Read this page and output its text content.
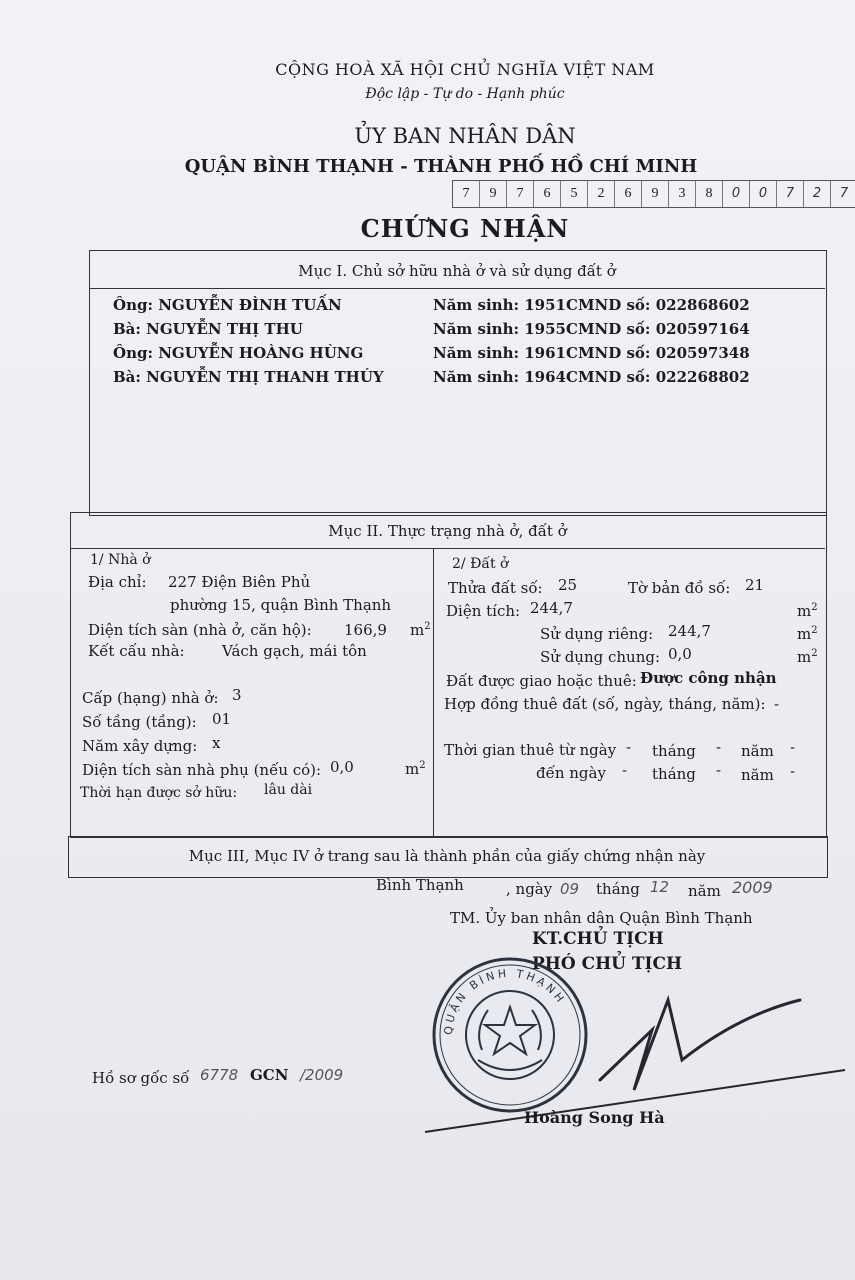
CỘNG HOÀ XÃ HỘI CHỦ NGHĨA VIỆT NAM
Độc lập - Tự do - Hạnh phúc
ỦY BAN NHÂN DÂN
QUẬN BÌNH THẠNH - THÀNH PHỐ HỒ CHÍ MINH
7	9	7	6	5	2	6	9	3	8	0	0	7	2	7
CHỨNG NHẬN
Mục I. Chủ sở hữu nhà ở và sử dụng đất ở
Ông: NGUYỄN ĐÌNH TUẤN	Năm sinh: 1951 CMND số: 022868602
Bà: NGUYỄN THỊ THU	Năm sinh: 1955 CMND số: 020597164
Ông: NGUYỄN HOÀNG HÙNG	Năm sinh: 1961 CMND số: 020597348
Bà: NGUYỄN THỊ THANH THÚY	Năm sinh: 1964 CMND số: 022268802
Mục II. Thực trạng nhà ở, đất ở
1/ Nhà ở
Địa chỉ: 227 Điện Biên Phủ
phường 15, quận Bình Thạnh
Diện tích sàn (nhà ở, căn hộ): 166,9 $m^2$
Kết cấu nhà: Vách gạch, mái tôn
Cấp (hạng) nhà ở: 3
Số tầng (tầng): 01
Năm xây dựng: x
Diện tích sàn nhà phụ (nếu có): 0,0	$m^2$
Thời hạn được sở hữu: lâu dài
2/ Đất ở
Thửa đất số: 25	Tờ bản đồ số: 21
Diện tích: 244,7	$m^2$
Sử dụng riêng: 244,7	$m^2$
Sử dụng chung: 0,0	$m^2$
Đất được giao hoặc thuê: Được công nhận
Hợp đồng thuê đất (số, ngày, tháng, năm): -
Thời gian thuê từ ngày - tháng - năm -
đến ngày - tháng - năm -
Mục III, Mục IV ở trang sau là thành phần của giấy chứng nhận này
Bình Thạnh	, ngày 09 tháng 12 năm 2009
TM. Ủy ban nhân dân Quận Bình Thạnh
KT.CHỦ TỊCH
PHÓ CHỦ TỊCH
QUẬN BÌNH THẠNH
Hoàng Song Hà
Hồ sơ gốc số 6778 GCN /2009
